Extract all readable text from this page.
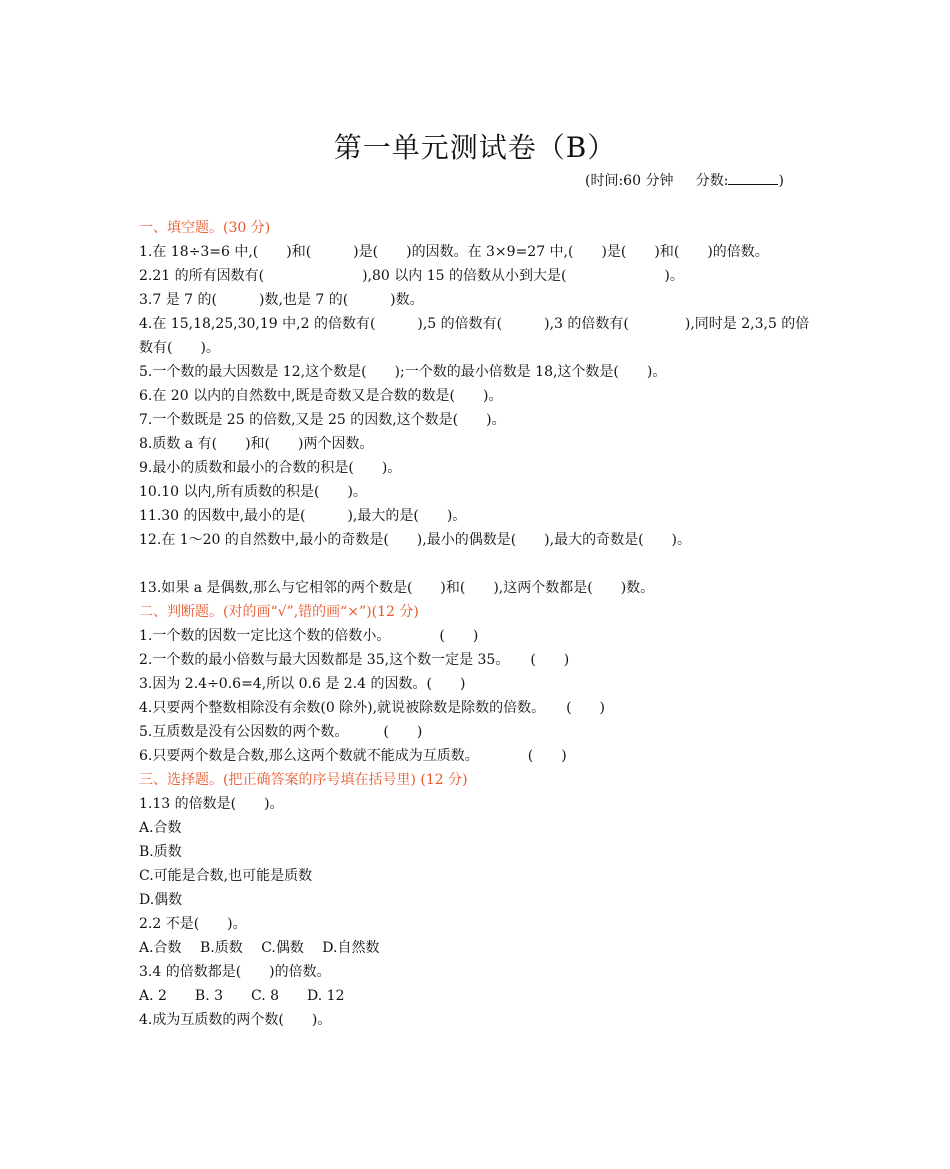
第一单元测试卷（B）
(时间:60 分钟 分数:	)
一、填空题。(30 分)
1.在 18÷3=6 中,(　　)和(　　　)是(　　)的因数。在 3×9=27 中,(　　)是(　　)和(　　)的倍数。
2.21 的所有因数有(　　　　　　　),80 以内 15 的倍数从小到大是(　　　　　　　)。
3.7 是 7 的(　　　)数,也是 7 的(　　　)数。
4.在 15,18,25,30,19 中,2 的倍数有(　　　),5 的倍数有(　　　),3 的倍数有(　　　　),同时是 2,3,5 的倍数有(　　)。
5.一个数的最大因数是 12,这个数是(　　);一个数的最小倍数是 18,这个数是(　　)。
6.在 20 以内的自然数中,既是奇数又是合数的数是(　　)。
7.一个数既是 25 的倍数,又是 25 的因数,这个数是(　　)。
8.质数 a 有(　　)和(　　)两个因数。
9.最小的质数和最小的合数的积是(　　)。
10.10 以内,所有质数的积是(　　)。
11.30 的因数中,最小的是(　　　),最大的是(　　)。
12.在 1～20 的自然数中,最小的奇数是(　　),最小的偶数是(　　),最大的奇数是(　　)。
13.如果 a 是偶数,那么与它相邻的两个数是(　　)和(　　),这两个数都是(　　)数。
二、判断题。(对的画“√”,错的画“×”)(12 分)
1.一个数的因数一定比这个数的倍数小。　　　　(　　)
2.一个数的最小倍数与最大因数都是 35,这个数一定是 35。　　(　　)
3.因为 2.4÷0.6=4,所以 0.6 是 2.4 的因数。(　　)
4.只要两个整数相除没有余数(0 除外),就说被除数是除数的倍数。　　(　　)
5.互质数是没有公因数的两个数。　　　(　　)
6.只要两个数是合数,那么这两个数就不能成为互质数。　　　　(　　)
三、选择题。(把正确答案的序号填在括号里) (12 分)
1.13 的倍数是(　　)。
A.合数
B.质数
C.可能是合数,也可能是质数
D.偶数
2.2 不是(　　)。
A.合数　 B.质数　 C.偶数　 D.自然数
3.4 的倍数都是(　　)的倍数。
A. 2　　B. 3　　C. 8　　D. 12
4.成为互质数的两个数(　　)。
